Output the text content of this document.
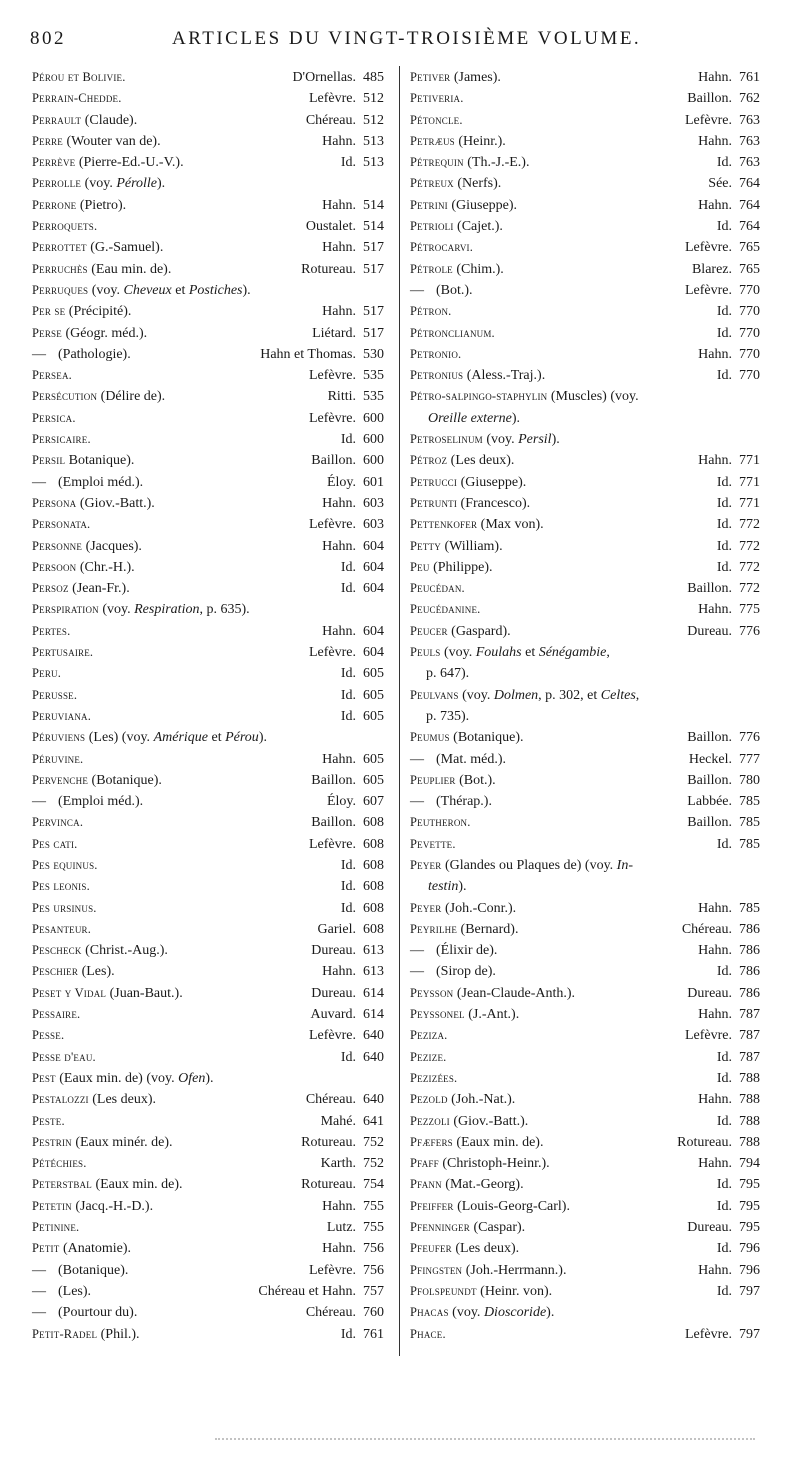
802	ARTICLES DU VINGT-TROISIÈME VOLUME.
Pérou et Bolivie.	D'Ornellas.485
Perrain-Chedde.	Lefèvre.512
Perrault (Claude).	Chéreau.512
Perre (Wouter van de).	Hahn.513
Perrève (Pierre-Ed.-U.-V.).	Id.513
Perrolle (voy. Pérolle).
Perrone (Pietro).	Hahn.514
Perroquets.	Oustalet.514
Perrottet (G.-Samuel).	Hahn.517
Perruchès (Eau min. de).	Rotureau.517
Perruques (voy. Cheveux et Postiches).
Per se (Précipité).	Hahn.517
Perse (Géogr. méd.).	Liétard.517
— (Pathologie).	Hahn et Thomas.530
Persea.	Lefèvre.535
Persécution (Délire de).	Ritti.535
Persica.	Lefèvre.600
Persicaire.	Id.600
Persil Botanique).	Baillon.600
— (Emploi méd.).	Éloy.601
Persona (Giov.-Batt.).	Hahn.603
Personata.	Lefèvre.603
Personne (Jacques).	Hahn.604
Persoon (Chr.-H.).	Id.604
Persoz (Jean-Fr.).	Id.604
Perspiration (voy. Respiration, p. 635).
Pertes.	Hahn.604
Pertusaire.	Lefèvre.604
Peru.	Id.605
Perusse.	Id.605
Peruviana.	Id.605
Péruviens (Les) (voy. Amérique et Pérou).
Péruvine.	Hahn.605
Pervenche (Botanique).	Baillon.605
— (Emploi méd.).	Éloy.607
Pervinca.	Baillon.608
Pes cati.	Lefèvre.608
Pes equinus.	Id.608
Pes leonis.	Id.608
Pes ursinus.	Id.608
Pesanteur.	Gariel.608
Pescheck (Christ.-Aug.).	Dureau.613
Peschier (Les).	Hahn.613
Peset y Vidal (Juan-Baut.).	Dureau.614
Pessaire.	Auvard.614
Pesse.	Lefèvre.640
Pesse d'eau.	Id.640
Pest (Eaux min. de) (voy. Ofen).
Pestalozzi (Les deux).	Chéreau.640
Peste.	Mahé.641
Pestrin (Eaux minér. de).	Rotureau.752
Pétéchies.	Karth.752
Peterstbal (Eaux min. de).	Rotureau.754
Petetin (Jacq.-H.-D.).	Hahn.755
Petinine.	Lutz.755
Petit (Anatomie).	Hahn.756
— (Botanique).	Lefèvre.756
— (Les).	Chéreau et Hahn.757
— (Pourtour du).	Chéreau.760
Petit-Radel (Phil.).	Id.761
Petiver (James).	Hahn.761
Petiveria.	Baillon.762
Pétoncle.	Lefèvre.763
Petræus (Heinr.).	Hahn.763
Pétrequin (Th.-J.-E.).	Id.763
Pétreux (Nerfs).	Sée.764
Petrini (Giuseppe).	Hahn.764
Petrioli (Cajet.).	Id.764
Pétrocarvi.	Lefèvre.765
Pétrole (Chim.).	Blarez.765
— (Bot.).	Lefèvre.770
Pétron.	Id.770
Pétronclianum.	Id.770
Petronio.	Hahn.770
Petronius (Aless.-Traj.).	Id.770
Pétro-salpingo-staphylin (Muscles) (voy.
Oreille externe).
Petroselinum (voy. Persil).
Pétroz (Les deux).	Hahn.771
Petrucci (Giuseppe).	Id.771
Petrunti (Francesco).	Id.771
Pettenkofer (Max von).	Id.772
Petty (William).	Id.772
Peu (Philippe).	Id.772
Peucédan.	Baillon.772
Peucédanine.	Hahn.775
Peucer (Gaspard).	Dureau.776
Peuls (voy. Foulahs et Sénégambie,
p. 647).
Peulvans (voy. Dolmen, p. 302, et Celtes,
p. 735).
Peumus (Botanique).	Baillon.776
— (Mat. méd.).	Heckel.777
Peuplier (Bot.).	Baillon.780
— (Thérap.).	Labbée.785
Peutheron.	Baillon.785
Pevette.	Id.785
Peyer (Glandes ou Plaques de) (voy. In-
testin).
Peyer (Joh.-Conr.).	Hahn.785
Peyrilhe (Bernard).	Chéreau.786
— (Élixir de).	Hahn.786
— (Sirop de).	Id.786
Peysson (Jean-Claude-Anth.).	Dureau.786
Peyssonel (J.-Ant.).	Hahn.787
Peziza.	Lefèvre.787
Pezize.	Id.787
Pezizées.	Id.788
Pezold (Joh.-Nat.).	Hahn.788
Pezzoli (Giov.-Batt.).	Id.788
Pfæfers (Eaux min. de).	Rotureau.788
Pfaff (Christoph-Heinr.).	Hahn.794
Pfann (Mat.-Georg).	Id.795
Pfeiffer (Louis-Georg-Carl).	Id.795
Pfenninger (Caspar).	Dureau.795
Pfeufer (Les deux).	Id.796
Pfingsten (Joh.-Herrmann.).	Hahn.796
Pfolspeundt (Heinr. von).	Id.797
Phacas (voy. Dioscoride).
Phace.	Lefèvre.797
